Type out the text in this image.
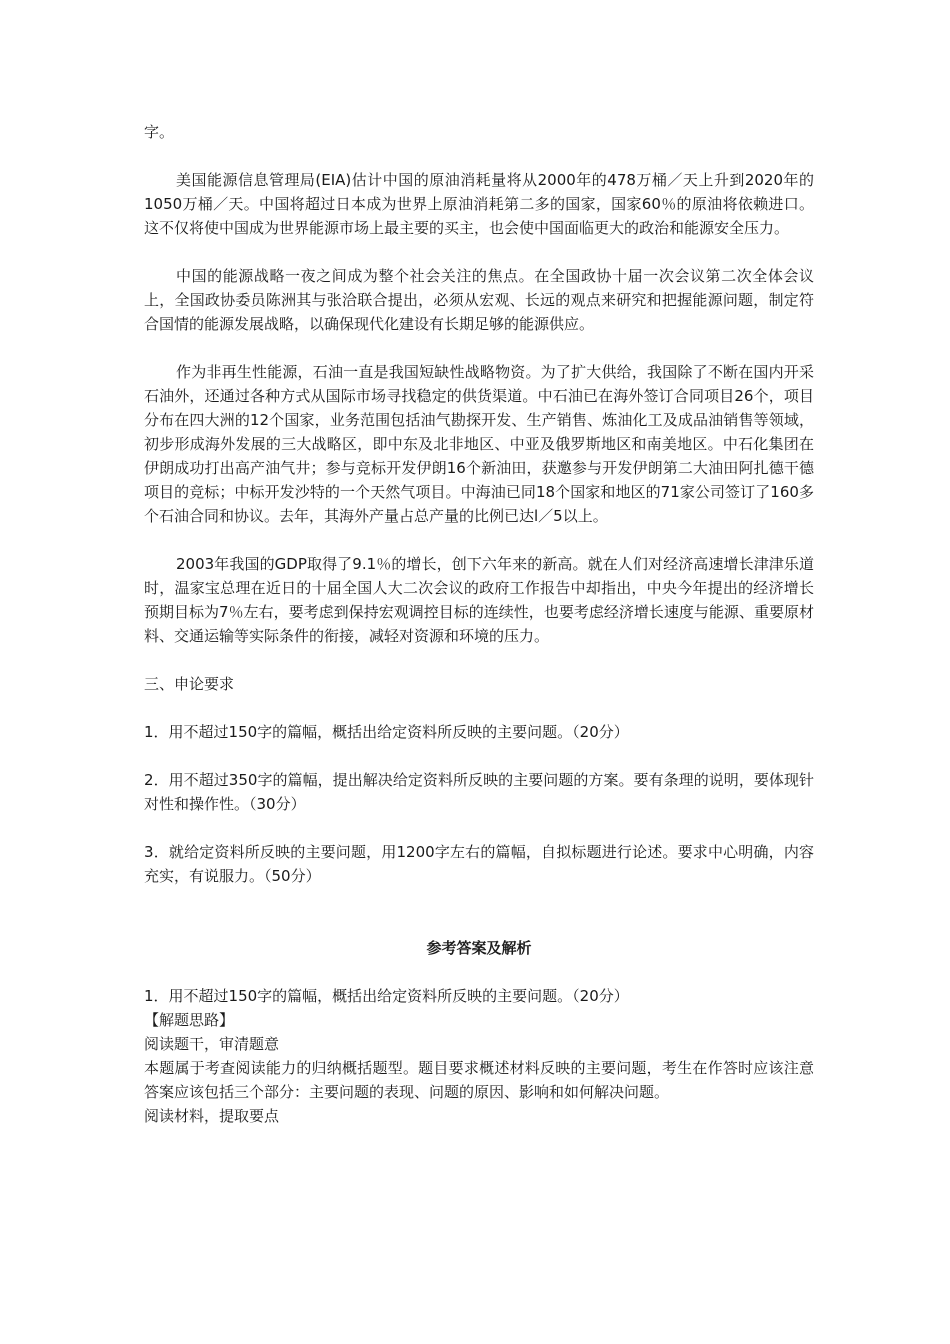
字。

美国能源信息管理局(EIA)估计中国的原油消耗量将从2000年的478万桶／天上升到2020年的1050万桶／天。中国将超过日本成为世界上原油消耗第二多的国家，国家60％的原油将依赖进口。这不仅将使中国成为世界能源市场上最主要的买主，也会使中国面临更大的政治和能源安全压力。

中国的能源战略一夜之间成为整个社会关注的焦点。在全国政协十届一次会议第二次全体会议上，全国政协委员陈洲其与张洽联合提出，必须从宏观、长远的观点来研究和把握能源问题，制定符合国情的能源发展战略，以确保现代化建设有长期足够的能源供应。

作为非再生性能源，石油一直是我国短缺性战略物资。为了扩大供给，我国除了不断在国内开采石油外，还通过各种方式从国际市场寻找稳定的供货渠道。中石油已在海外签订合同项目26个，项目分布在四大洲的12个国家，业务范围包括油气勘探开发、生产销售、炼油化工及成品油销售等领域，初步形成海外发展的三大战略区，即中东及北非地区、中亚及俄罗斯地区和南美地区。中石化集团在伊朗成功打出高产油气井；参与竞标开发伊朗16个新油田，获邀参与开发伊朗第二大油田阿扎德干德项目的竞标；中标开发沙特的一个天然气项目。中海油已同18个国家和地区的71家公司签订了160多个石油合同和协议。去年，其海外产量占总产量的比例已达l／5以上。

2003年我国的GDP取得了9.1％的增长，创下六年来的新高。就在人们对经济高速增长津津乐道时，温家宝总理在近日的十届全国人大二次会议的政府工作报告中却指出，中央今年提出的经济增长预期目标为7％左右，要考虑到保持宏观调控目标的连续性，也要考虑经济增长速度与能源、重要原材料、交通运输等实际条件的衔接，减轻对资源和环境的压力。

三、申论要求

1．用不超过150字的篇幅，概括出给定资料所反映的主要问题。（20分）

2．用不超过350字的篇幅，提出解决给定资料所反映的主要问题的方案。要有条理的说明，要体现针对性和操作性。（30分）

3．就给定资料所反映的主要问题，用1200字左右的篇幅，自拟标题进行论述。要求中心明确，内容充实，有说服力。（50分）

参考答案及解析

1．用不超过150字的篇幅，概括出给定资料所反映的主要问题。（20分）

【解题思路】

阅读题干，审清题意

本题属于考查阅读能力的归纳概括题型。题目要求概述材料反映的主要问题，考生在作答时应该注意答案应该包括三个部分：主要问题的表现、问题的原因、影响和如何解决问题。

阅读材料，提取要点
